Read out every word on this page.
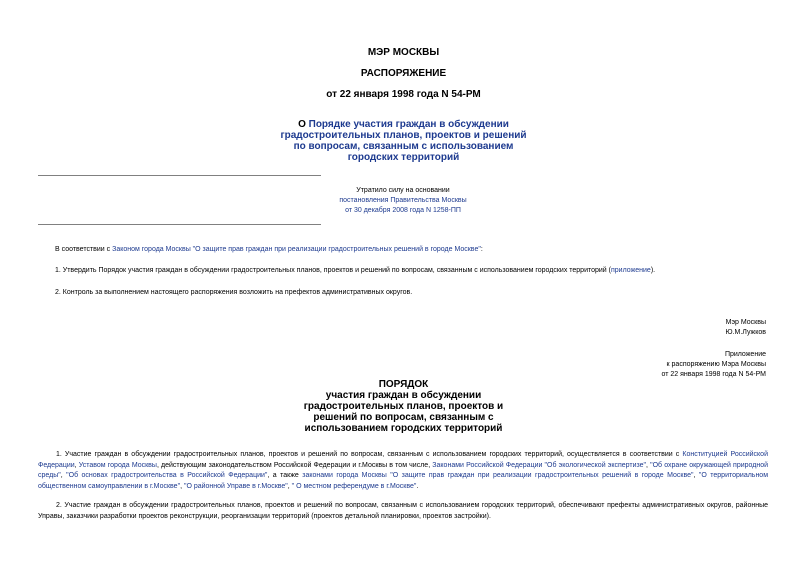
МЭР МОСКВЫ
РАСПОРЯЖЕНИЕ
от 22 января 1998 года N 54-РМ
О Порядке участия граждан в обсуждении
градостроительных планов, проектов и решений
по вопросам, связанным с использованием
городских территорий
Утратило силу на основании
постановления Правительства Москвы
от 30 декабря 2008 года N 1258-ПП
В соответствии с Законом города Москвы "О защите прав граждан при реализации градостроительных решений в городе Москве":
1. Утвердить Порядок участия граждан в обсуждении градостроительных планов, проектов и решений по вопросам, связанным с использованием городских территорий (приложение).
2. Контроль за выполнением настоящего распоряжения возложить на префектов административных округов.
Мэр Москвы
Ю.М.Лужков
Приложение
к распоряжению Мэра Москвы
от 22 января 1998 года N 54-РМ
ПОРЯДОК
участия граждан в обсуждении
градостроительных планов, проектов и
решений по вопросам, связанным с
использованием городских территорий
1. Участие граждан в обсуждении градостроительных планов, проектов и решений по вопросам, связанным с использованием городских территорий, осуществляется в соответствии с Конституцией Российской Федерации, Уставом города Москвы, действующим законодательством Российской Федерации и г.Москвы в том числе, Законами Российской Федерации "Об экологической экспертизе", "Об охране окружающей природной среды", "Об основах градостроительства в Российской Федерации", а также законами города Москвы "О защите прав граждан при реализации градостроительных решений в городе Москве", "О территориальном общественном самоуправлении в г.Москве", "О районной Управе в г.Москве", " О местном референдуме в г.Москве".
2. Участие граждан в обсуждении градостроительных планов, проектов и решений по вопросам, связанным с использованием городских территорий, обеспечивают префекты административных округов, районные Управы, заказчики разработки проектов реконструкции, реорганизации территорий (проектов детальной планировки, проектов застройки).
